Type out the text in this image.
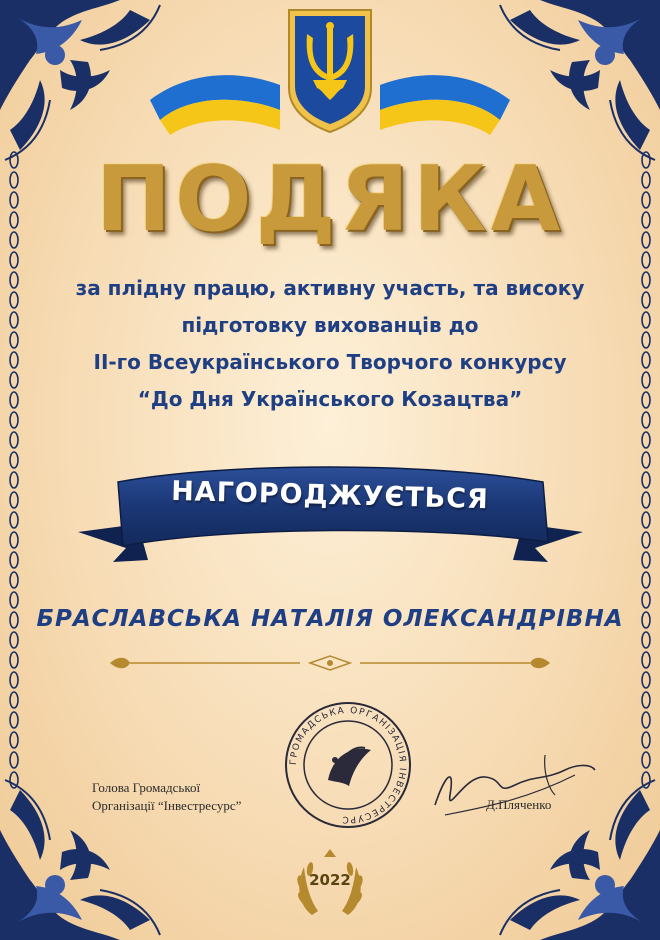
ПОДЯКА
за плідну працю, активну участь, та високу
підготовку вихованців до
ІІ-го Всеукраїнського Творчого конкурсу
“До Дня Українського Козацтва”
НАГОРОДЖУЄТЬСЯ
БРАСЛАВСЬКА НАТАЛІЯ ОЛЕКСАНДРІВНА
Голова Громадської
Організації “Інвестресурс”
ГРОМАДСЬКА ОРГАНІЗАЦІЯ ІНВЕСТРЕСУРС
Д.Пляченко
2022
